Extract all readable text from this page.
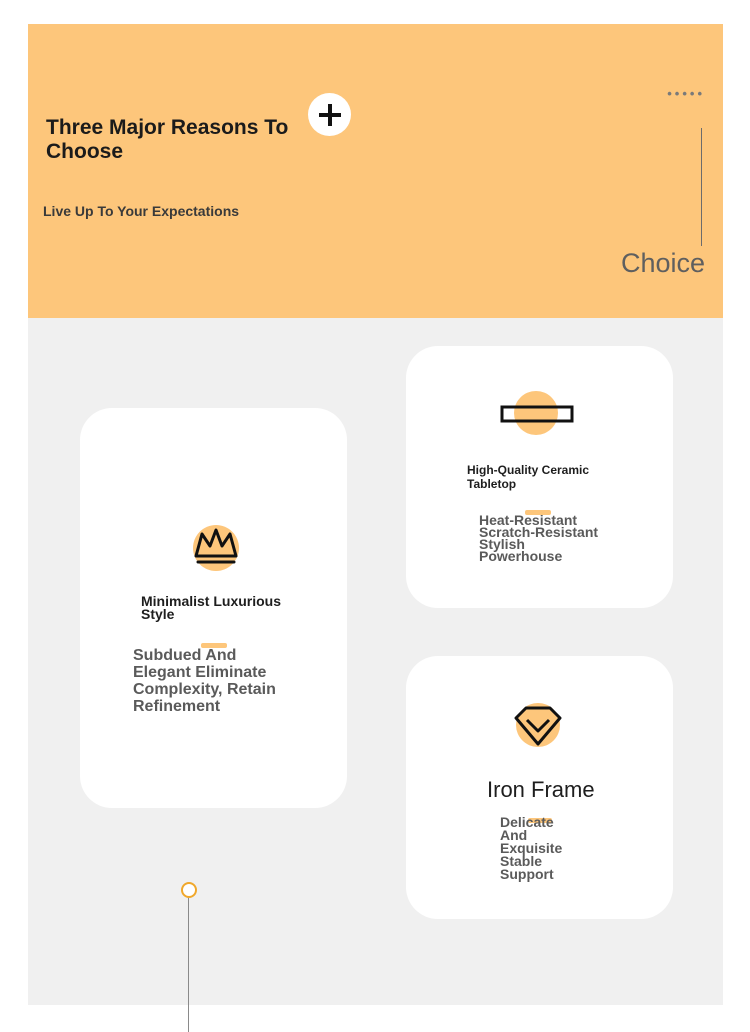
Three Major Reasons To Choose
Live Up To Your Expectations
•••••
Choice
Minimalist Luxurious Style
Subdued And Elegant Eliminate Complexity, Retain Refinement
High-Quality Ceramic Tabletop
Heat-Resistant Scratch-Resistant Stylish Powerhouse
Iron Frame
Delicate And Exquisite Stable Support
